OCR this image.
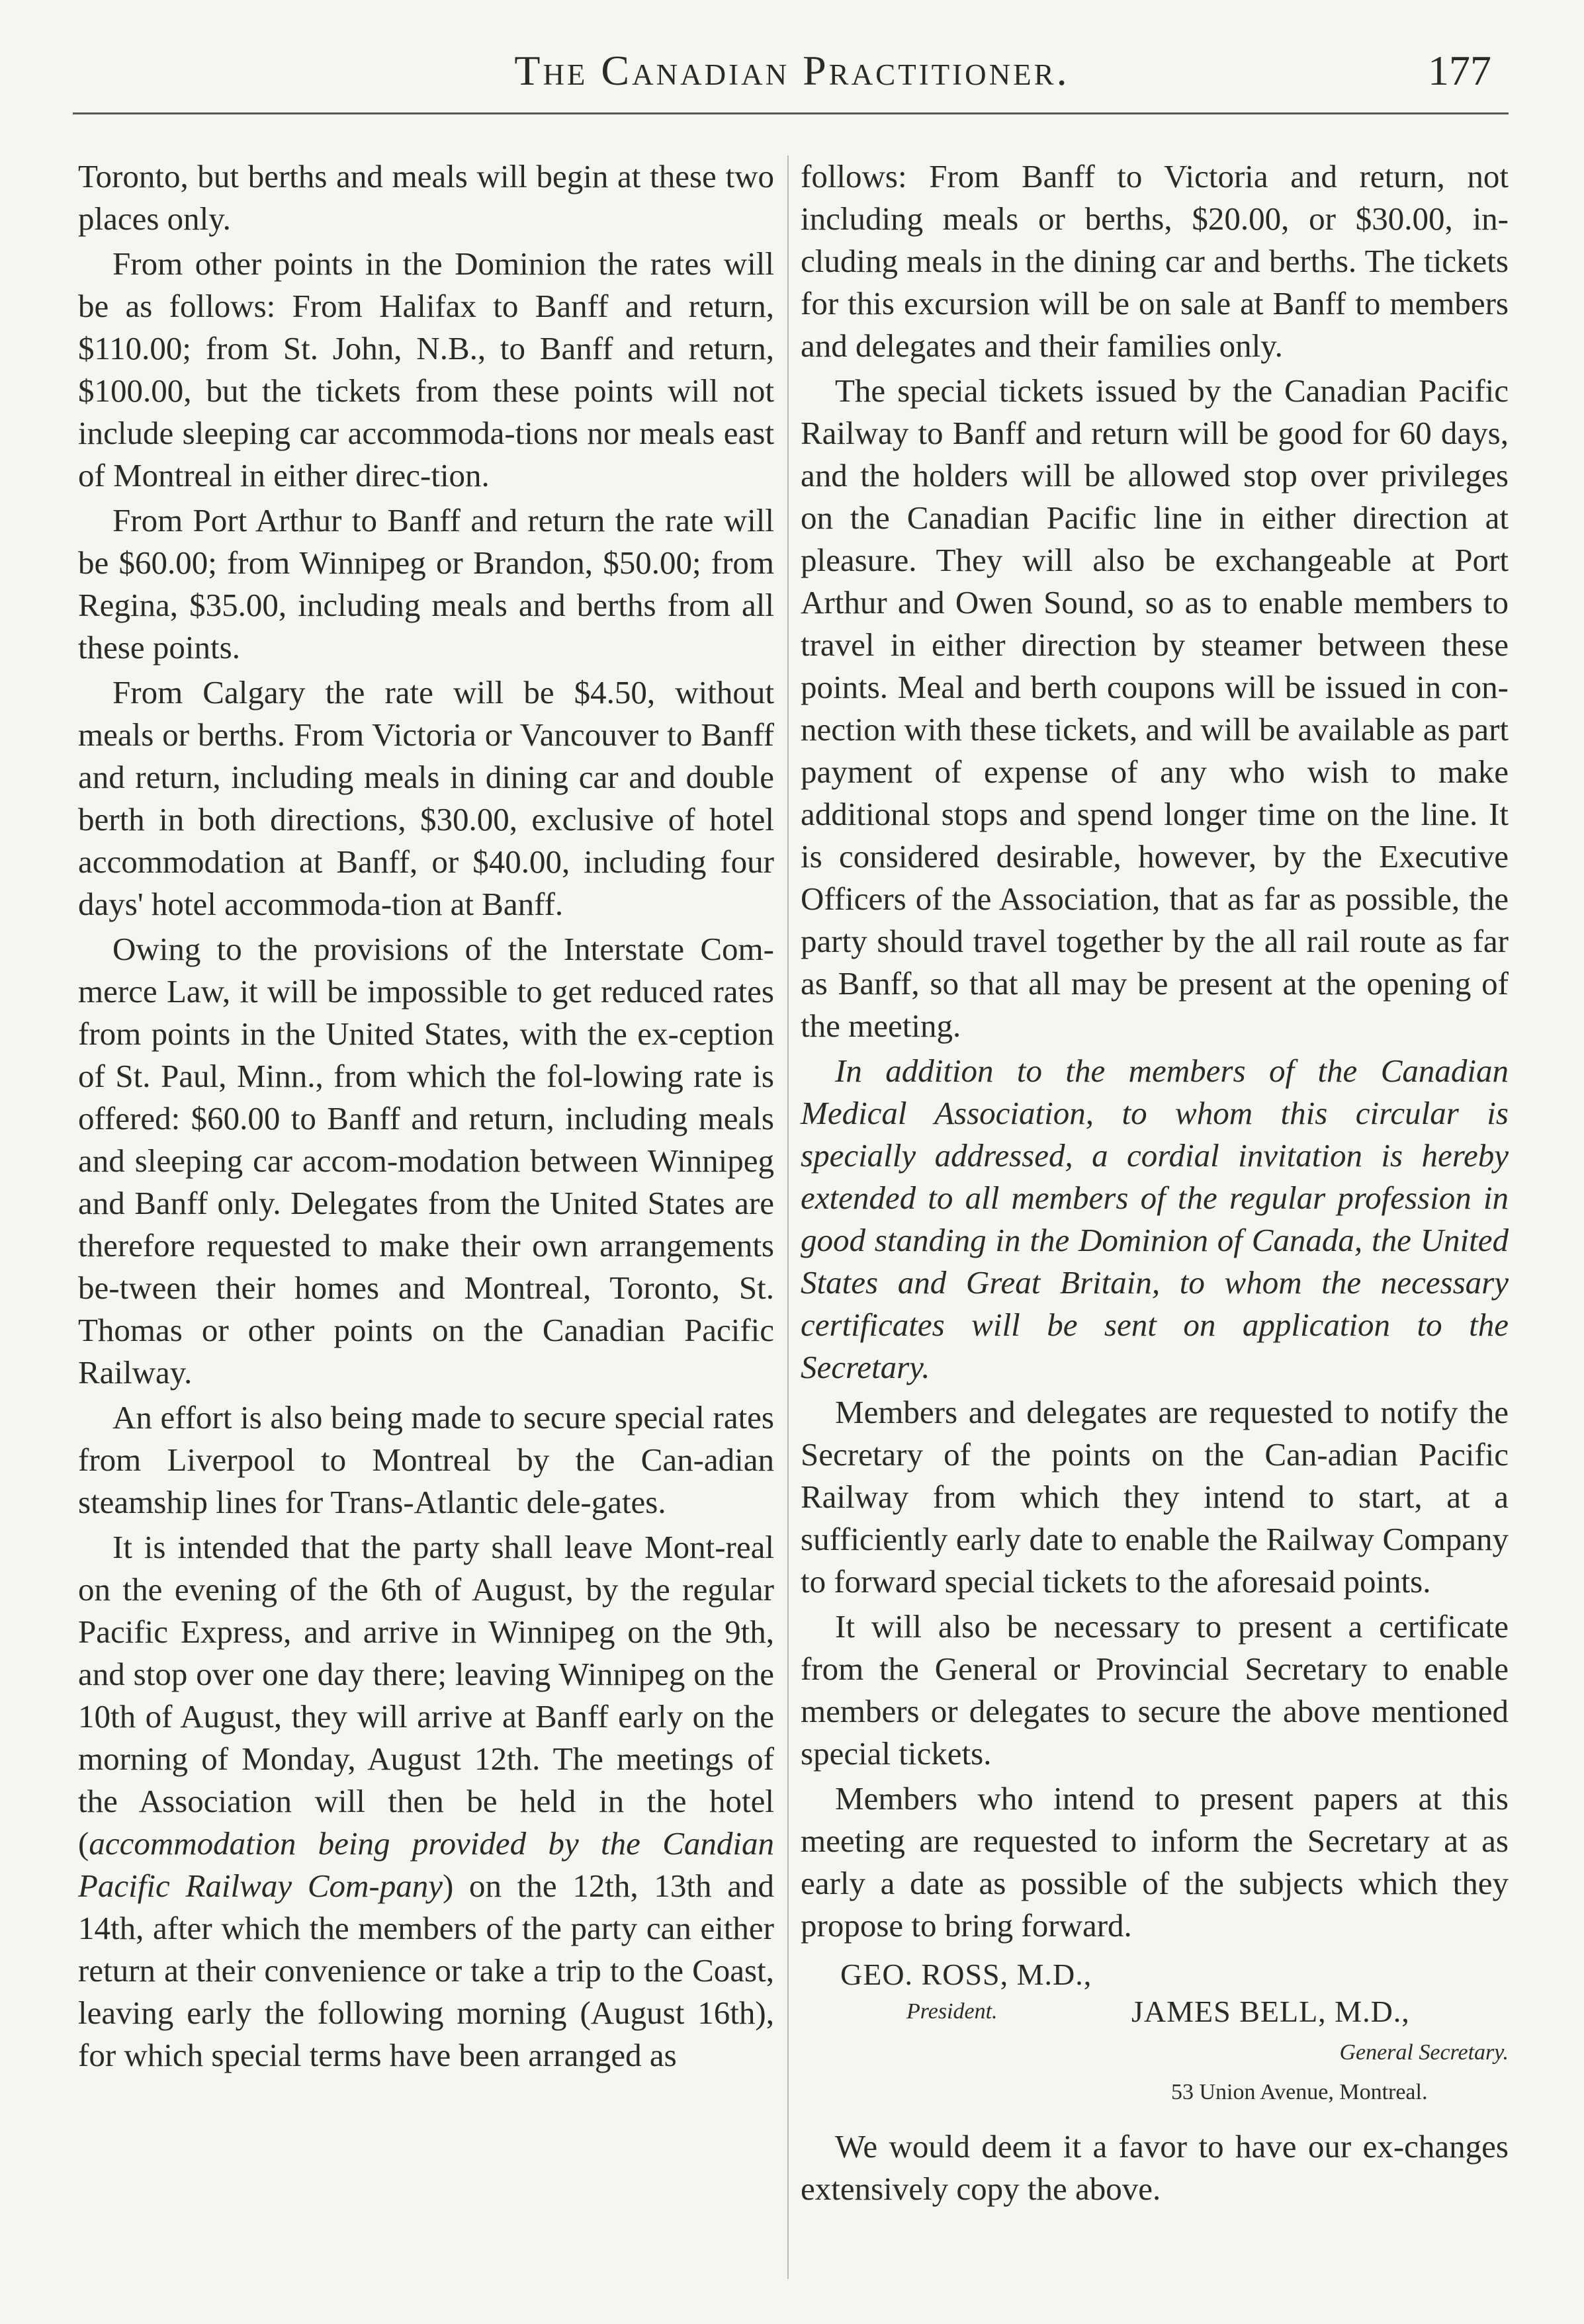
The Canadian Practitioner.	177

Toronto, but berths and meals will begin at these two places only.

From other points in the Dominion the rates will be as follows: From Halifax to Banff and return, $110.00; from St. John, N.B., to Banff and return, $100.00, but the tickets from these points will not include sleeping car accommoda-tions nor meals east of Montreal in either direc-tion.

From Port Arthur to Banff and return the rate will be $60.00; from Winnipeg or Brandon, $50.00; from Regina, $35.00, including meals and berths from all these points.

From Calgary the rate will be $4.50, without meals or berths. From Victoria or Vancouver to Banff and return, including meals in dining car and double berth in both directions, $30.00, exclusive of hotel accommodation at Banff, or $40.00, including four days' hotel accommoda-tion at Banff.

Owing to the provisions of the Interstate Com-merce Law, it will be impossible to get reduced rates from points in the United States, with the ex-ception of St. Paul, Minn., from which the fol-lowing rate is offered: $60.00 to Banff and return, including meals and sleeping car accom-modation between Winnipeg and Banff only. Delegates from the United States are therefore requested to make their own arrangements be-tween their homes and Montreal, Toronto, St. Thomas or other points on the Canadian Pacific Railway.

An effort is also being made to secure special rates from Liverpool to Montreal by the Can-adian steamship lines for Trans-Atlantic dele-gates.

It is intended that the party shall leave Mont-real on the evening of the 6th of August, by the regular Pacific Express, and arrive in Winnipeg on the 9th, and stop over one day there; leaving Winnipeg on the 10th of August, they will arrive at Banff early on the morning of Monday, August 12th. The meetings of the Association will then be held in the hotel (accommodation being provided by the Candian Pacific Railway Com-pany) on the 12th, 13th and 14th, after which the members of the party can either return at their convenience or take a trip to the Coast, leaving early the following morning (August 16th), for which special terms have been arranged as

follows: From Banff to Victoria and return, not including meals or berths, $20.00, or $30.00, in-cluding meals in the dining car and berths. The tickets for this excursion will be on sale at Banff to members and delegates and their families only.

The special tickets issued by the Canadian Pacific Railway to Banff and return will be good for 60 days, and the holders will be allowed stop over privileges on the Canadian Pacific line in either direction at pleasure. They will also be exchangeable at Port Arthur and Owen Sound, so as to enable members to travel in either direction by steamer between these points. Meal and berth coupons will be issued in con-nection with these tickets, and will be available as part payment of expense of any who wish to make additional stops and spend longer time on the line. It is considered desirable, however, by the Executive Officers of the Association, that as far as possible, the party should travel together by the all rail route as far as Banff, so that all may be present at the opening of the meeting.

In addition to the members of the Canadian Medical Association, to whom this circular is specially addressed, a cordial invitation is hereby extended to all members of the regular profession in good standing in the Dominion of Canada, the United States and Great Britain, to whom the necessary certificates will be sent on application to the Secretary.

Members and delegates are requested to notify the Secretary of the points on the Can-adian Pacific Railway from which they intend to start, at a sufficiently early date to enable the Railway Company to forward special tickets to the aforesaid points.

It will also be necessary to present a certificate from the General or Provincial Secretary to enable members or delegates to secure the above mentioned special tickets.

Members who intend to present papers at this meeting are requested to inform the Secretary at as early a date as possible of the subjects which they propose to bring forward.

GEO. ROSS, M.D.,
President.	JAMES BELL, M.D.,
General Secretary.
53 Union Avenue, Montreal.

We would deem it a favor to have our ex-changes extensively copy the above.
